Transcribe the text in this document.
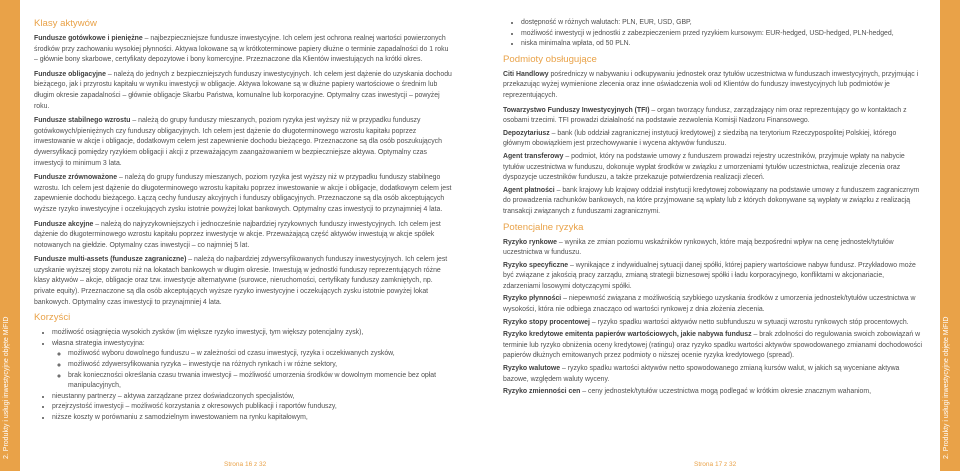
2. Produkty i usługi inwestycyjne objęte MiFID	2. Produkty i usługi inwestycyjne objęte MiFID
Klasy aktywów

Fundusze gotówkowe i pieniężne – najbezpieczniejsze fundusze inwestycyjne. Ich celem jest ochrona realnej wartości powierzonych środków przy zachowaniu wysokiej płynności. Aktywa lokowane są w krótkoterminowe papiery dłużne o terminie zapadalności do 1 roku – głównie bony skarbowe, certyfikaty depozytowe i bony komercyjne. Przeznaczone dla Klientów inwestujących na krótki okres.

Fundusze obligacyjne – należą do jednych z bezpieczniejszych funduszy inwestycyjnych. Ich celem jest dążenie do uzyskania dochodu bieżącego, jak i przyrostu kapitału w wyniku inwestycji w obligacje. Aktywa lokowane są w dłużne papiery wartościowe o średnim lub długim okresie zapadalności – głównie obligacje Skarbu Państwa, komunalne lub korporacyjne. Optymalny czas inwestycji – powyżej roku.

Fundusze stabilnego wzrostu – należą do grupy funduszy mieszanych, poziom ryzyka jest wyższy niż w przypadku funduszy gotówkowych/pieniężnych czy funduszy obligacyjnych. Ich celem jest dążenie do długoterminowego wzrostu kapitału poprzez inwestowanie w akcje i obligacje, dodatkowym celem jest zapewnienie dochodu bieżącego. Przeznaczone są dla osób poszukujących dywersyfikacji pomiędzy ryzykiem obligacji i akcji z przeważającym zaangażowaniem w bezpieczniejsze aktywa. Optymalny czas inwestycji to minimum 3 lata.

Fundusze zrównoważone – należą do grupy funduszy mieszanych, poziom ryzyka jest wyższy niż w przypadku funduszy stabilnego wzrostu. Ich celem jest dążenie do długoterminowego wzrostu kapitału poprzez inwestowanie w akcje i obligacje, dodatkowym celem jest zapewnienie dochodu bieżącego. Łączą cechy funduszy akcyjnych i funduszy obligacyjnych. Przeznaczone są dla osób akceptujących wyższe ryzyko inwestycyjne i oczekujących zysku istotnie powyżej lokat bankowych. Optymalny czas inwestycji to przynajmniej 4 lata.

Fundusze akcyjne – należą do najryzykowniejszych i jednocześnie najbardziej ryzykownych funduszy inwestycyjnych. Ich celem jest dążenie do długoterminowego wzrostu kapitału poprzez inwestycje w akcje. Przeważającą część aktywów inwestują w akcje spółek notowanych na giełdzie. Optymalny czas inwestycji – co najmniej 5 lat.

Fundusze multi-assets (fundusze zagraniczne) – należą do najbardziej zdywersyfikowanych funduszy inwestycyjnych. Ich celem jest uzyskanie wyższej stopy zwrotu niż na lokatach bankowych w długim okresie. Inwestują w jednostki funduszy reprezentujących różne klasy aktywów – akcje, obligacje oraz tzw. inwestycje alternatywne (surowce, nieruchomości, certyfikaty funduszy zamkniętych, np. private equity). Przeznaczone są dla osób akceptujących wyższe ryzyko inwestycyjne i oczekujących zysku istotnie powyżej lokat bankowych. Optymalny czas inwestycji to przynajmniej 4 lata.

Korzyści
• możliwość osiągnięcia wysokich zysków (im większe ryzyko inwestycji, tym większy potencjalny zysk),
• własna strategia inwestycyjna:
◦ możliwość wyboru dowolnego funduszu – w zależności od czasu inwestycji, ryzyka i oczekiwanych zysków,
◦ możliwość zdywersyfikowania ryzyka – inwestycje na różnych rynkach i w różne sektory,
◦ brak konieczności określania czasu trwania inwestycji – możliwość umorzenia środków w dowolnym momencie bez opłat manipulacyjnych,
• nieustanny partnerzy – aktywa zarządzane przez doświadczonych specjalistów,
• przejrzystość inwestycji – możliwość korzystania z okresowych publikacji i raportów funduszy,
• niższe koszty w porównaniu z samodzielnym inwestowaniem na rynku kapitałowym,
• dostępność w różnych walutach: PLN, EUR, USD, GBP,
• możliwość inwestycji w jednostki z zabezpieczeniem przed ryzykiem kursowym: EUR-hedged, USD-hedged, PLN-hedged,
• niska minimalna wpłata, od 50 PLN.
Podmioty obsługujące

Citi Handlowy pośredniczy w nabywaniu i odkupywaniu jednostek oraz tytułów uczestnictwa w funduszach inwestycyjnych, przyjmując i przekazując wyżej wymienione zlecenia oraz inne oświadczenia woli od Klientów do funduszy inwestycyjnych lub podmiotów je reprezentujących.

Towarzystwo Funduszy Inwestycyjnych (TFI) – organ tworzący fundusz, zarządzający nim oraz reprezentujący go w kontaktach z osobami trzecimi. TFI prowadzi działalność na podstawie zezwolenia Komisji Nadzoru Finansowego.

Depozytariusz – bank (lub oddział zagranicznej instytucji kredytowej) z siedzibą na terytorium Rzeczypospolitej Polskiej, którego głównym obowiązkiem jest przechowywanie i wycena aktywów funduszu.

Agent transferowy – podmiot, który na podstawie umowy z funduszem prowadzi rejestry uczestników, przyjmuje wpłaty na nabycie tytułów uczestnictwa w funduszu, dokonuje wypłat środków w związku z umorzeniami tytułów uczestnictwa, realizuje zlecenia oraz dyspozycje uczestników funduszu, a także przekazuje potwierdzenia realizacji zleceń.

Agent płatności – bank krajowy lub krajowy oddział instytucji kredytowej zobowiązany na podstawie umowy z funduszem zagranicznym do prowadzenia rachunków bankowych, na które przyjmowane są wpłaty lub z których dokonywane są wypłaty w związku z realizacją transakcji związanych z funduszami zagranicznymi.

Potencjalne ryzyka

Ryzyko rynkowe – wynika ze zmian poziomu wskaźników rynkowych, które mają bezpośredni wpływ na cenę jednostek/tytułów uczestnictwa w funduszu.

Ryzyko specyficzne – wynikające z indywidualnej sytuacji danej spółki, której papiery wartościowe nabyw fundusz. Przykładowo może być związane z jakością pracy zarządu, zmianą strategii biznesowej spółki i ładu korporacyjnego, konfliktami w akcjonariacie, zdarzeniami losowymi dotyczącymi spółki.

Ryzyko płynności – niepewność związana z możliwością szybkiego uzyskania środków z umorzenia jednostek/tytułów uczestnictwa w wysokości, która nie odbiega znacząco od wartości rynkowej z dnia złożenia zlecenia.

Ryzyko stopy procentowej – ryzyko spadku wartości aktywów netto subfunduszu w sytuacji wzrostu rynkowych stóp procentowych.

Ryzyko kredytowe emitenta papierów wartościowych, jakie nabywa fundusz – brak zdolności do regulowania swoich zobowiązań w terminie lub ryzyko obniżenia oceny kredytowej (ratingu) oraz ryzyko spadku wartości aktywów spowodowanego zmianami dochodowości papierów dłużnych emitowanych przez podmioty o niższej ocenie ryzyka kredytowego (spread).

Ryzyko walutowe – ryzyko spadku wartości aktywów netto spowodowanego zmianą kursów walut, w jakich są wyceniane aktywa bazowe, względem waluty wyceny.

Ryzyko zmienności cen – ceny jednostek/tytułów uczestnictwa mogą podlegać w krótkim okresie znacznym wahaniom,

Strona 16 z 32	Strona 17 z 32
